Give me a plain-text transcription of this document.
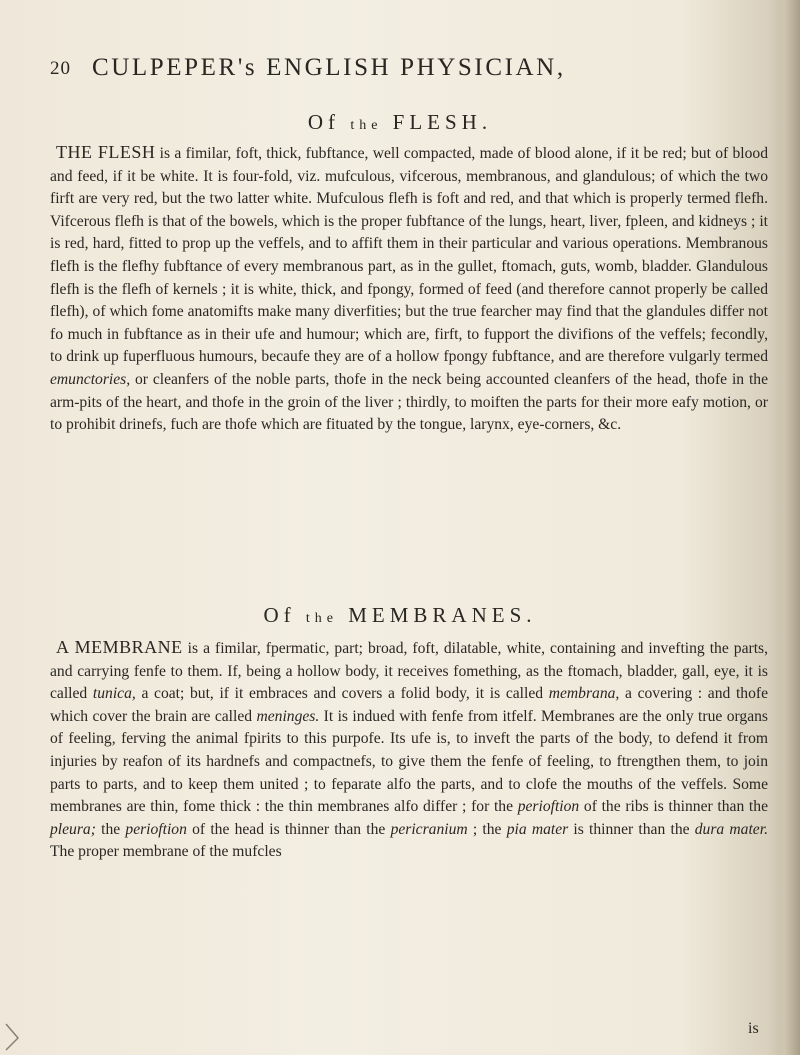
20 CULPEPER's ENGLISH PHYSICIAN,
Of the FLESH.

THE FLESH is a fimilar, foft, thick, fubftance, well compacted, made of blood alone, if it be red; but of blood and feed, if it be white. It is four-fold, viz. mufculous, vifcerous, membranous, and glandulous; of which the two firft are very red, but the two latter white. Mufculous flefh is foft and red, and that which is properly termed flefh. Vifcerous flefh is that of the bowels, which is the proper fubftance of the lungs, heart, liver, fpleen, and kidneys ; it is red, hard, fitted to prop up the veffels, and to affift them in their particular and various operations. Membranous flefh is the flefhy fubftance of every membranous part, as in the gullet, ftomach, guts, womb, bladder. Glandulous flefh is the flefh of kernels ; it is white, thick, and fpongy, formed of feed (and therefore cannot properly be called flefh), of which fome anatomifts make many diverfities; but the true fearcher may find that the glandules differ not fo much in fubftance as in their ufe and humour; which are, firft, to fupport the divifions of the veffels; fecondly, to drink up fuperfluous humours, becaufe they are of a hollow fpongy fubftance, and are therefore vulgarly termed emunctories, or cleanfers of the noble parts, thofe in the neck being accounted cleanfers of the head, thofe in the arm-pits of the heart, and thofe in the groin of the liver ; thirdly, to moiften the parts for their more eafy motion, or to prohibit drinefs, fuch are thofe which are fituated by the tongue, larynx, eye-corners, &c.

Of the MEMBRANES.

A MEMBRANE is a fimilar, fpermatic, part; broad, foft, dilatable, white, containing and invefting the parts, and carrying fenfe to them. If, being a hollow body, it receives fomething, as the ftomach, bladder, gall, eye, it is called tunica, a coat; but, if it embraces and covers a folid body, it is called membrana, a covering : and thofe which cover the brain are called meninges. It is indued with fenfe from itfelf. Membranes are the only true organs of feeling, ferving the animal fpirits to this purpofe. Its ufe is, to inveft the parts of the body, to defend it from injuries by reafon of its hardnefs and compactnefs, to give them the fenfe of feeling, to ftrengthen them, to join parts to parts, and to keep them united ; to feparate alfo the parts, and to clofe the mouths of the veffels. Some membranes are thin, fome thick : the thin membranes alfo differ ; for the perioftion of the ribs is thinner than the pleura; the perioftion of the head is thinner than the pericranium ; the pia mater is thinner than the dura mater. The proper membrane of the mufcles

is
